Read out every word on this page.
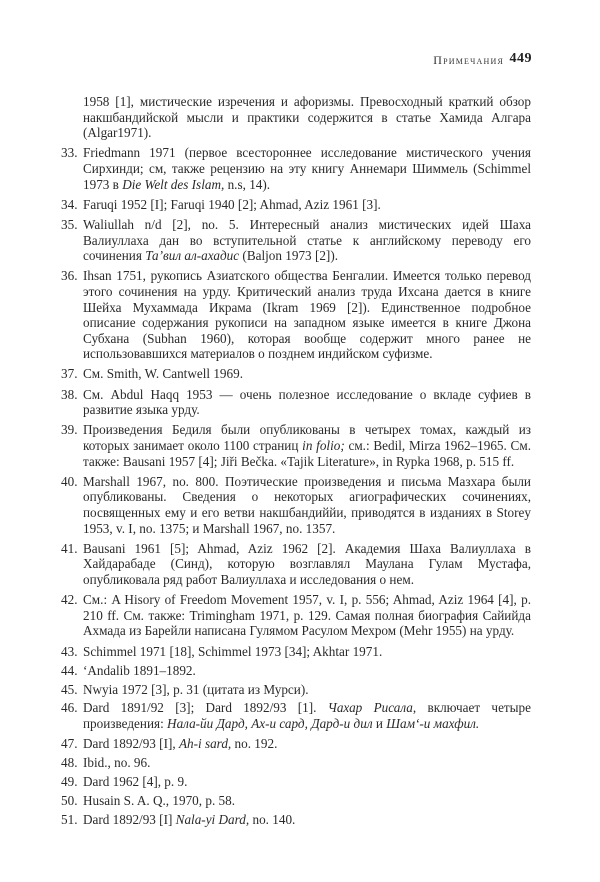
Примечания 449
1958 [1], мистические изречения и афоризмы. Превосходный краткий обзор накшбандийской мысли и практики содержится в статье Хамида Алгара (Algar1971).
33. Friedmann 1971 (первое всестороннее исследование мистического учения Сирхинди; см, также рецензию на эту книгу Аннемари Шиммель (Schimmel 1973 в Die Welt des Islam, n.s, 14).
34. Faruqi 1952 [I]; Faruqi 1940 [2]; Ahmad, Aziz 1961 [3].
35. Waliullah n/d [2], no. 5. Интересный анализ мистических идей Шаха Валиуллаха дан во вступительной статье к английскому переводу его сочинения Та’вил ал-ахадис (Baljon 1973 [2]).
36. Ihsan 1751, рукопись Азиатского общества Бенгалии. Имеется только перевод этого сочинения на урду. Критический анализ труда Ихсана дается в книге Шейха Мухаммада Икрама (Ikram 1969 [2]). Единственное подробное описание содержания рукописи на западном языке имеется в книге Джона Субхана (Subhan 1960), которая вообще содержит много ранее не использовавшихся материалов о позднем индийском суфизме.
37. См. Smith, W. Cantwell 1969.
38. См. Abdul Haqq 1953 — очень полезное исследование о вкладе суфиев в развитие языка урду.
39. Произведения Бедиля были опубликованы в четырех томах, каждый из которых занимает около 1100 страниц in folio; см.: Bedil, Mirza 1962–1965. См. также: Bausani 1957 [4]; Jiři Bečka. «Tajik Literature», in Rypka 1968, p. 515 ff.
40. Marshall 1967, no. 800. Поэтические произведения и письма Мазхара были опубликованы. Сведения о некоторых агиографических сочинениях, посвященных ему и его ветви накшбандиййи, приводятся в изданиях в Storey 1953, v. I, no. 1375; и Marshall 1967, no. 1357.
41. Bausani 1961 [5]; Ahmad, Aziz 1962 [2]. Академия Шаха Валиуллаха в Хайдарабаде (Синд), которую возглавлял Маулана Гулам Мустафа, опубликовала ряд работ Валиуллаха и исследования о нем.
42. См.: A Hisory of Freedom Movement 1957, v. I, p. 556; Ahmad, Aziz 1964 [4], p. 210 ff. См. также: Trimingham 1971, p. 129. Самая полная биография Сайийда Ахмада из Барейли написана Гулямом Расулом Мехром (Mehr 1955) на урду.
43. Schimmel 1971 [18], Schimmel 1973 [34]; Akhtar 1971.
44. ‘Andalib 1891–1892.
45. Nwyia 1972 [3], p. 31 (цитата из Мурси).
46. Dard 1891/92 [3]; Dard 1892/93 [1]. Чахар Рисала, включает четыре произведения: Нала-йи Дард, Ах-и сард, Дард-и дил и Шам‘-и махфил.
47. Dard 1892/93 [I], Ah-i sard, no. 192.
48. Ibid., no. 96.
49. Dard 1962 [4], p. 9.
50. Husain S. A. Q., 1970, p. 58.
51. Dard 1892/93 [I] Nala-yi Dard, no. 140.
